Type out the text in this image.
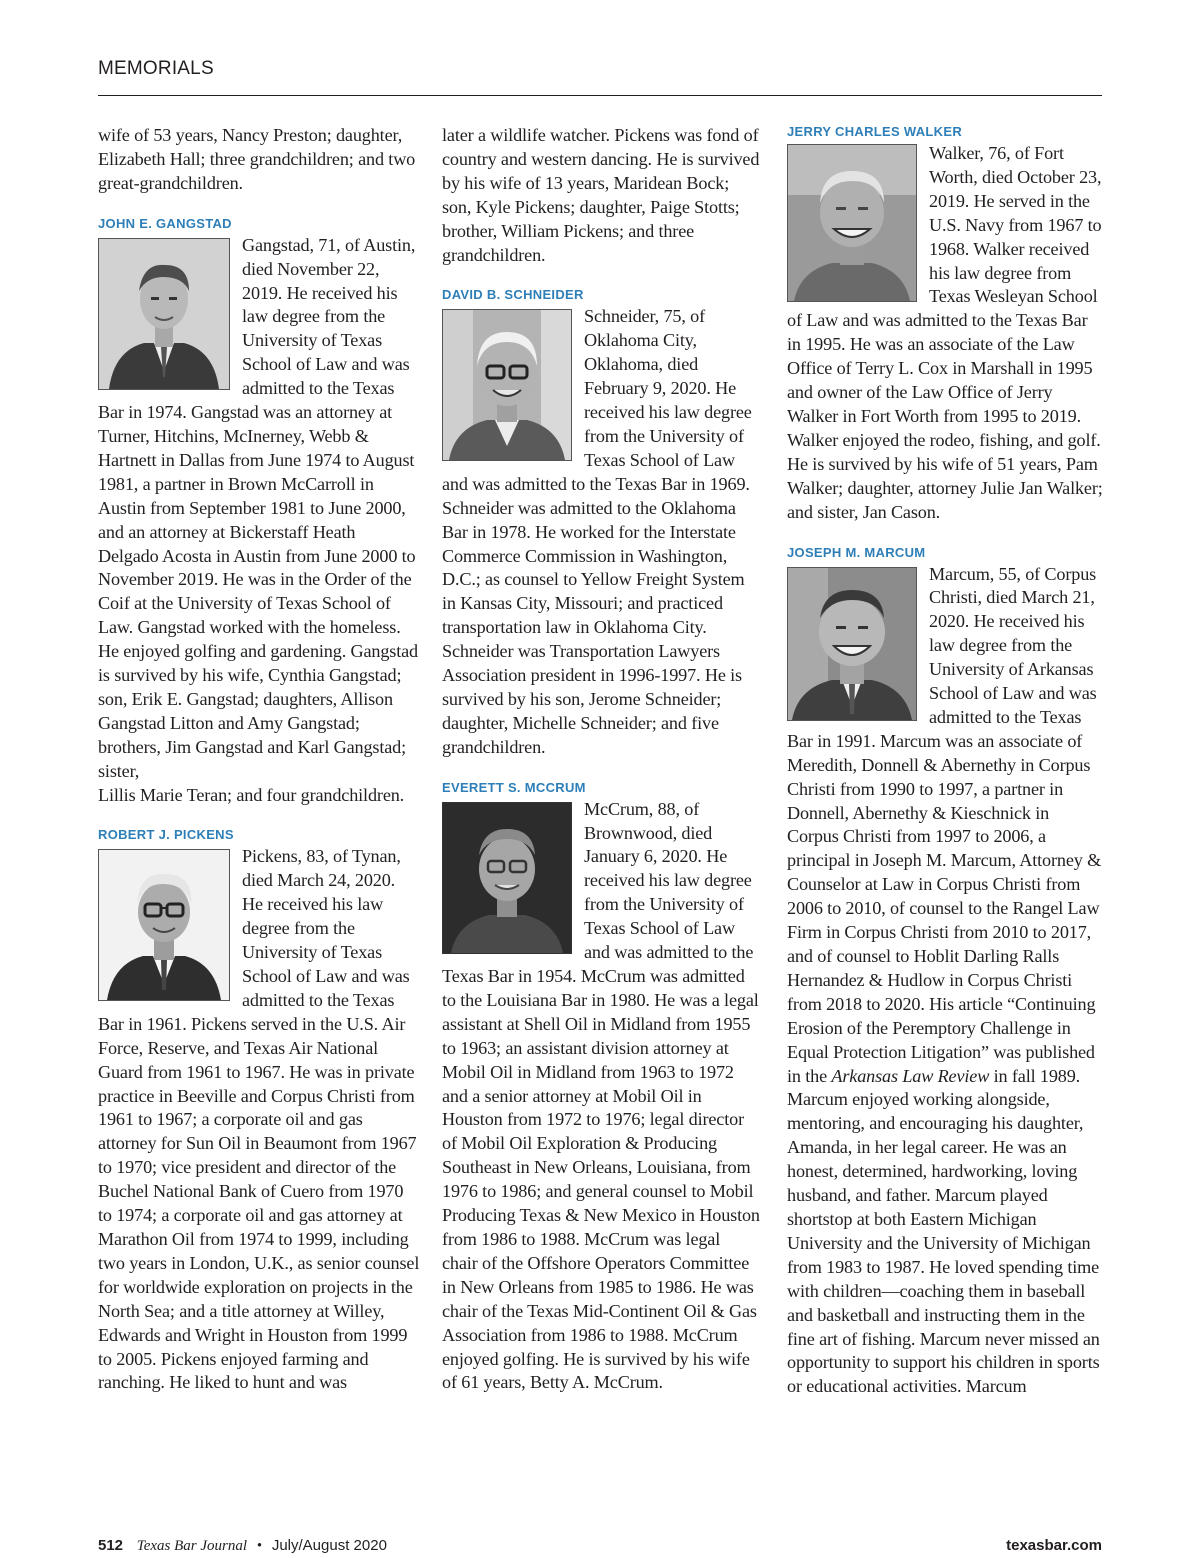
MEMORIALS

wife of 53 years, Nancy Preston; daughter, Elizabeth Hall; three grandchildren; and two great-grandchildren.

JOHN E. GANGSTAD

Gangstad, 71, of Austin, died November 22, 2019. He received his law degree from the University of Texas School of Law and was admitted to the Texas Bar in 1974. Gangstad was an attorney at Turner, Hitchins, McInerney, Webb & Hartnett in Dallas from June 1974 to August 1981, a partner in Brown McCarroll in Austin from September 1981 to June 2000, and an attorney at Bickerstaff Heath Delgado Acosta in Austin from June 2000 to November 2019. He was in the Order of the Coif at the University of Texas School of Law. Gangstad worked with the homeless. He enjoyed golfing and gardening. Gangstad is survived by his wife, Cynthia Gangstad; son, Erik E. Gangstad; daughters, Allison Gangstad Litton and Amy Gangstad; brothers, Jim Gangstad and Karl Gangstad; sister,

Lillis Marie Teran; and four grandchildren.

ROBERT J. PICKENS

Pickens, 83, of Tynan, died March 24, 2020. He received his law degree from the University of Texas School of Law and was admitted to the Texas Bar in 1961. Pickens served in the U.S. Air Force, Reserve, and Texas Air National Guard from 1961 to 1967. He was in private practice in Beeville and Corpus Christi from 1961 to 1967; a corporate oil and gas attorney for Sun Oil in Beaumont from 1967 to 1970; vice president and director of the Buchel National Bank of Cuero from 1970 to 1974; a corporate oil and gas attorney at Marathon Oil from 1974 to 1999, including two years in London, U.K., as senior counsel for worldwide exploration on projects in the North Sea; and a title attorney at Willey, Edwards and Wright in Houston from 1999 to 2005. Pickens enjoyed farming and ranching. He liked to hunt and was

later a wildlife watcher. Pickens was fond of country and western dancing. He is survived by his wife of 13 years, Maridean Bock; son, Kyle Pickens; daughter, Paige Stotts; brother, William Pickens; and three grandchildren.

DAVID B. SCHNEIDER

Schneider, 75, of Oklahoma City, Oklahoma, died February 9, 2020. He received his law degree from the University of Texas School of Law and was admitted to the Texas Bar in 1969. Schneider was admitted to the Oklahoma Bar in 1978. He worked for the Interstate Commerce Commission in Washington, D.C.; as counsel to Yellow Freight System in Kansas City, Missouri; and practiced transportation law in Oklahoma City. Schneider was Transportation Lawyers Association president in 1996-1997. He is survived by his son, Jerome Schneider; daughter, Michelle Schneider; and five grandchildren.

EVERETT S. MCCRUM

McCrum, 88, of Brownwood, died January 6, 2020. He received his law degree from the University of Texas School of Law and was admitted to the Texas Bar in 1954. McCrum was admitted to the Louisiana Bar in 1980. He was a legal assistant at Shell Oil in Midland from 1955 to 1963; an assistant division attorney at Mobil Oil in Midland from 1963 to 1972 and a senior attorney at Mobil Oil in Houston from 1972 to 1976; legal director of Mobil Oil Exploration & Producing Southeast in New Orleans, Louisiana, from 1976 to 1986; and general counsel to Mobil Producing Texas & New Mexico in Houston from 1986 to 1988. McCrum was legal chair of the Offshore Operators Committee in New Orleans from 1985 to 1986. He was chair of the Texas Mid-Continent Oil & Gas Association from 1986 to 1988. McCrum enjoyed golfing. He is survived by his wife of 61 years, Betty A. McCrum.

JERRY CHARLES WALKER

Walker, 76, of Fort Worth, died October 23, 2019. He served in the U.S. Navy from 1967 to 1968. Walker received his law degree from Texas Wesleyan School of Law and was admitted to the Texas Bar in 1995. He was an associate of the Law Office of Terry L. Cox in Marshall in 1995 and owner of the Law Office of Jerry Walker in Fort Worth from 1995 to 2019. Walker enjoyed the rodeo, fishing, and golf. He is survived by his wife of 51 years, Pam Walker; daughter, attorney Julie Jan Walker; and sister, Jan Cason.

JOSEPH M. MARCUM

Marcum, 55, of Corpus Christi, died March 21, 2020. He received his law degree from the University of Arkansas School of Law and was admitted to the Texas Bar in 1991. Marcum was an associate of Meredith, Donnell & Abernethy in Corpus Christi from 1990 to 1997, a partner in Donnell, Abernethy & Kieschnick in Corpus Christi from 1997 to 2006, a principal in Joseph M. Marcum, Attorney & Counselor at Law in Corpus Christi from 2006 to 2010, of counsel to the Rangel Law Firm in Corpus Christi from 2010 to 2017, and of counsel to Hoblit Darling Ralls Hernandez & Hudlow in Corpus Christi from 2018 to 2020. His article “Continuing Erosion of the Peremptory Challenge in Equal Protection Litigation” was published in the Arkansas Law Review in fall 1989. Marcum enjoyed working alongside, mentoring, and encouraging his daughter, Amanda, in her legal career. He was an honest, determined, hardworking, loving husband, and father. Marcum played shortstop at both Eastern Michigan University and the University of Michigan from 1983 to 1987. He loved spending time with children—coaching them in baseball and basketball and instructing them in the fine art of fishing. Marcum never missed an opportunity to support his children in sports or educational activities. Marcum

512 Texas Bar Journal • July/August 2020	texasbar.com
